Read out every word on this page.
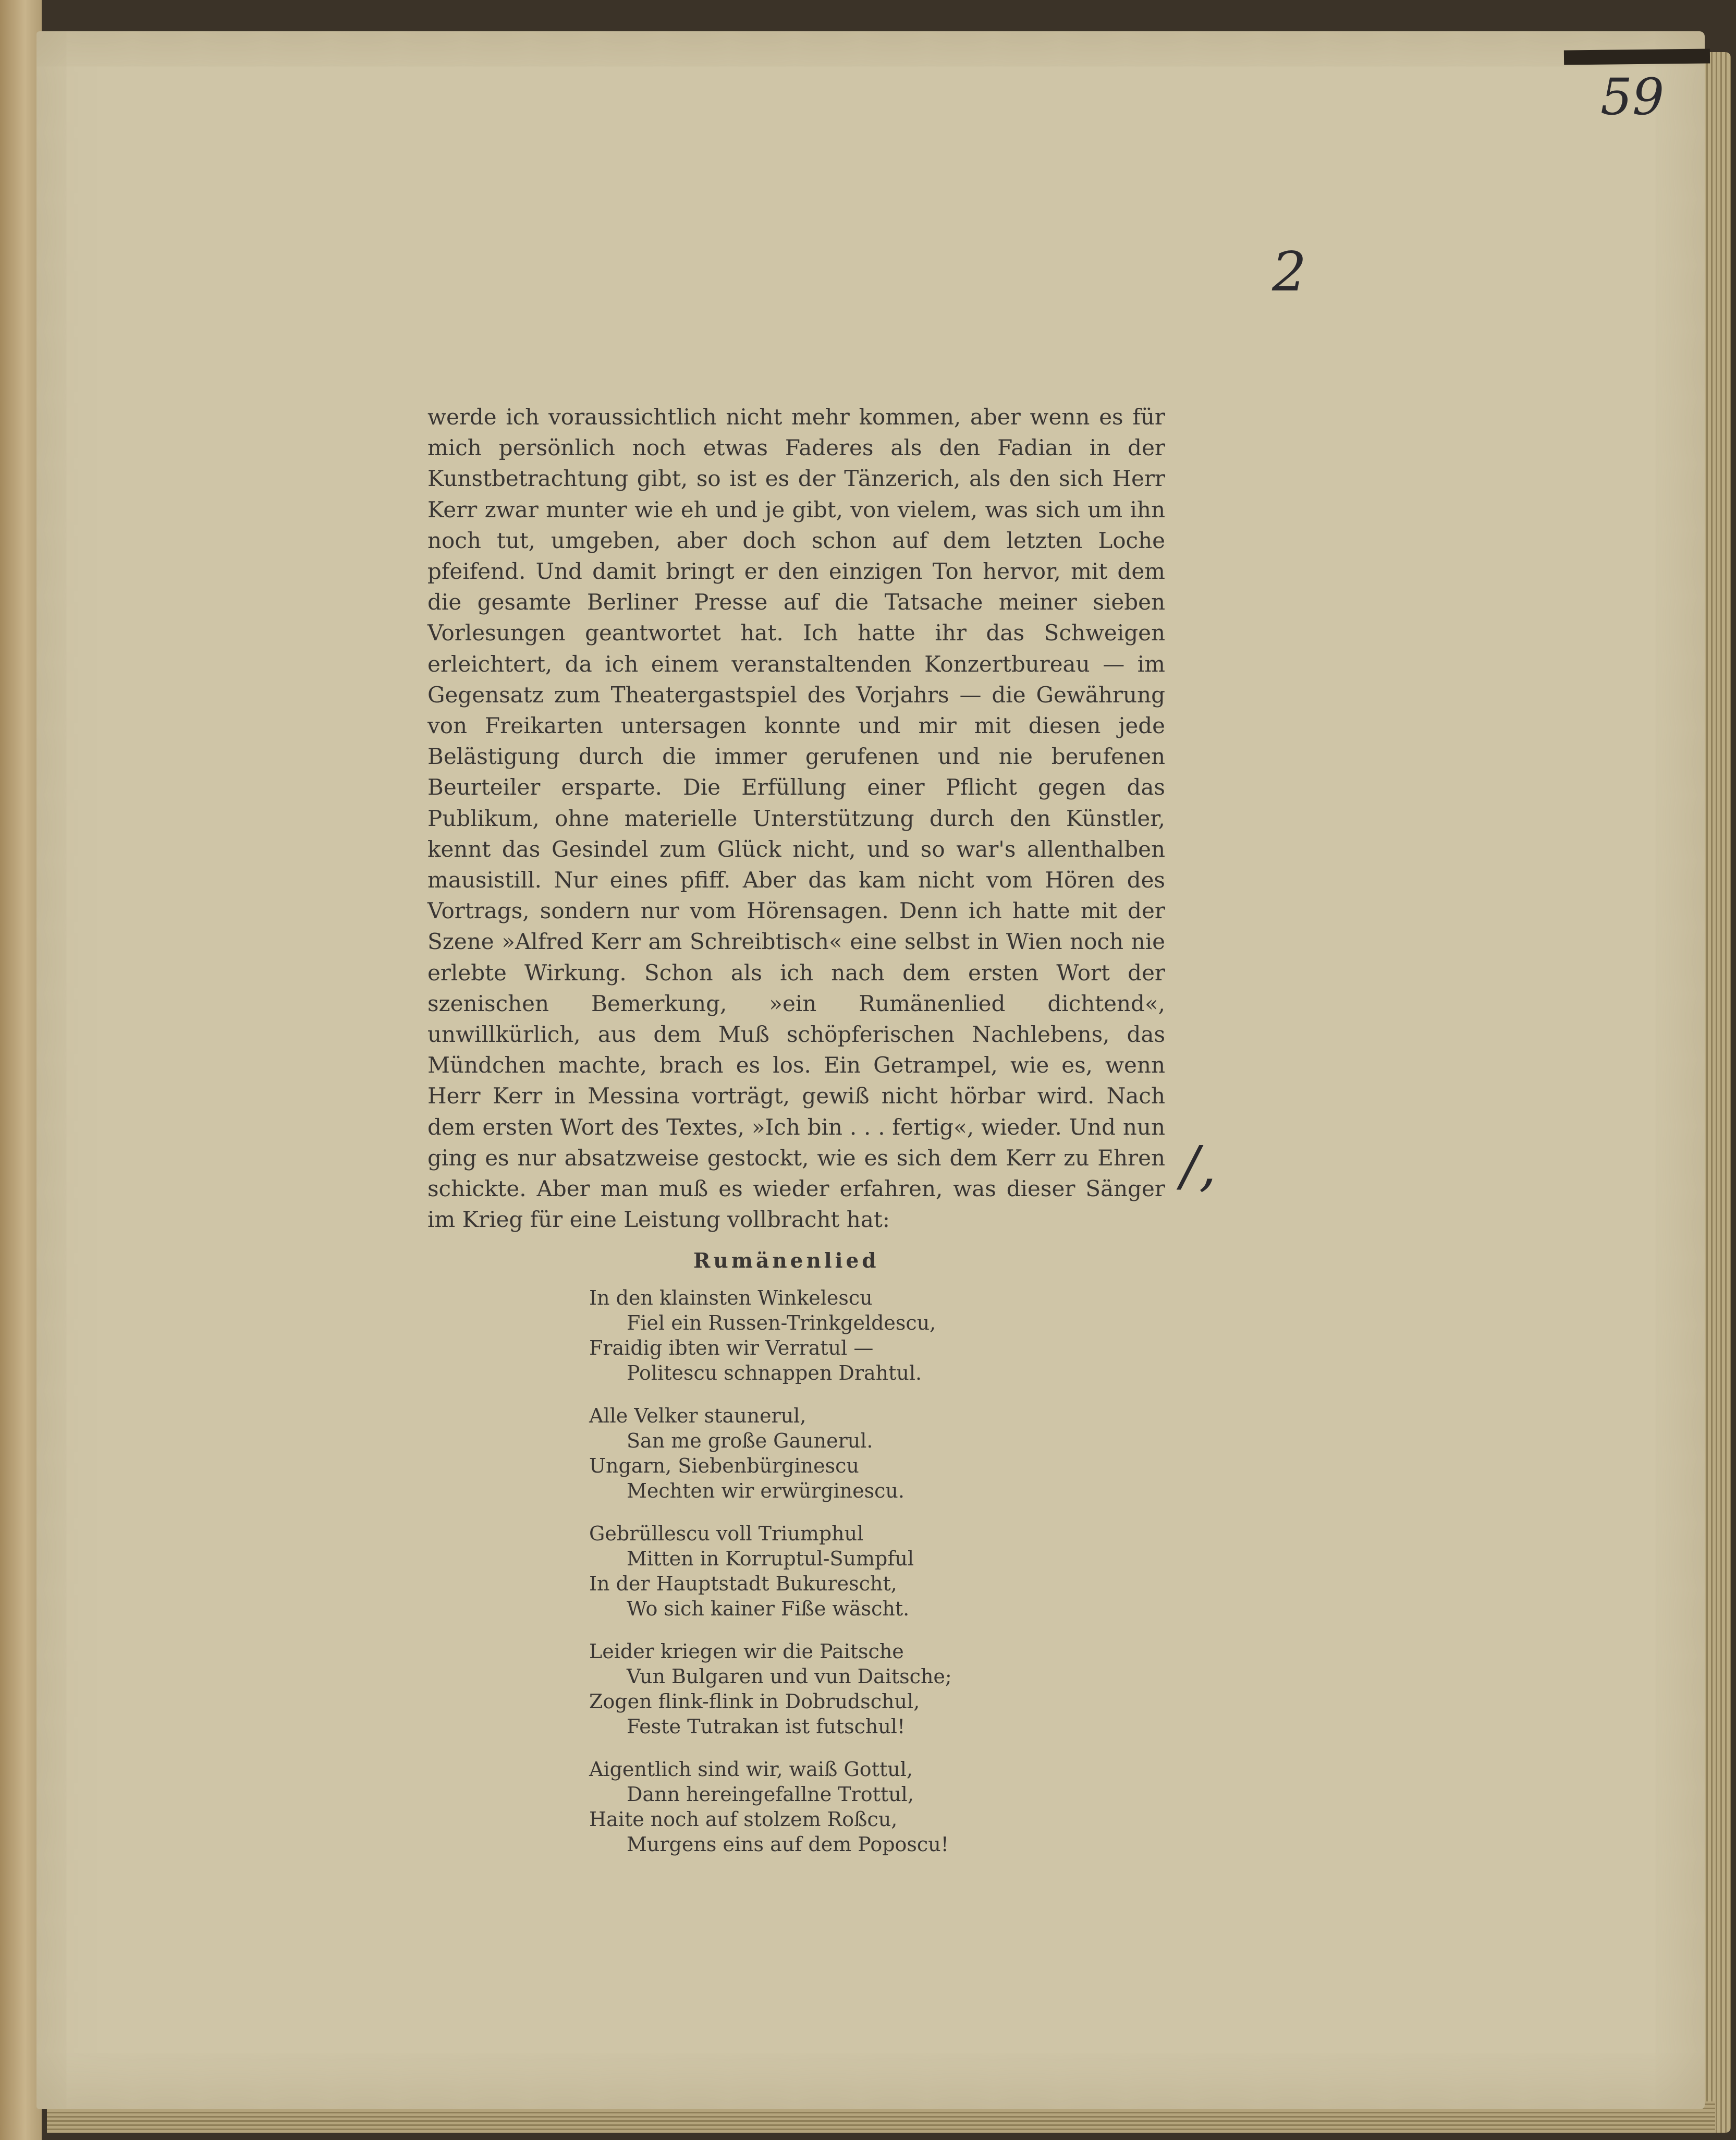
59
2
/,

werde ich voraussichtlich nicht mehr kommen, aber wenn es für mich persönlich noch etwas Faderes als den Fadian in der Kunstbetrachtung gibt, so ist es der Tänzerich, als den sich Herr Kerr zwar munter wie eh und je gibt, von vielem, was sich um ihn noch tut, umgeben, aber doch schon auf dem letzten Loche pfeifend. Und damit bringt er den einzigen Ton hervor, mit dem die gesamte Berliner Presse auf die Tatsache meiner sieben Vorlesungen geantwortet hat. Ich hatte ihr das Schweigen erleichtert, da ich einem veranstaltenden Konzertbureau — im Gegensatz zum Theatergastspiel des Vorjahrs — die Gewährung von Freikarten untersagen konnte und mir mit diesen jede Belästigung durch die immer gerufenen und nie berufenen Beurteiler ersparte. Die Erfüllung einer Pflicht gegen das Publikum, ohne materielle Unterstützung durch den Künstler, kennt das Gesindel zum Glück nicht, und so war's allenthalben mausistill. Nur eines pfiff. Aber das kam nicht vom Hören des Vortrags, sondern nur vom Hörensagen. Denn ich hatte mit der Szene »Alfred Kerr am Schreibtisch« eine selbst in Wien noch nie erlebte Wirkung. Schon als ich nach dem ersten Wort der szenischen Bemerkung, »ein Rumänenlied dichtend«, unwillkürlich, aus dem Muß schöpferischen Nachlebens, das Mündchen machte, brach es los. Ein Getrampel, wie es, wenn Herr Kerr in Messina vorträgt, gewiß nicht hörbar wird. Nach dem ersten Wort des Textes, »Ich bin . . . fertig«, wieder. Und nun ging es nur absatzweise gestockt, wie es sich dem Kerr zu Ehren schickte. Aber man muß es wieder erfahren, was dieser Sänger im Krieg für eine Leistung vollbracht hat:

Rumänenlied

In den klainsten Winkelescu

Fiel ein Russen-Trinkgeldescu,

Fraidig ibten wir Verratul —

Politescu schnappen Drahtul.

Alle Velker staunerul,

San me große Gaunerul.

Ungarn, Siebenbürginescu

Mechten wir erwürginescu.

Gebrüllescu voll Triumphul

Mitten in Korruptul-Sumpful

In der Hauptstadt Bukurescht,

Wo sich kainer Fiße wäscht.

Leider kriegen wir die Paitsche

Vun Bulgaren und vun Daitsche;

Zogen flink-flink in Dobrudschul,

Feste Tutrakan ist futschul!

Aigentlich sind wir, waiß Gottul,

Dann hereingefallne Trottul,

Haite noch auf stolzem Roßcu,

Murgens eins auf dem Poposcu!
